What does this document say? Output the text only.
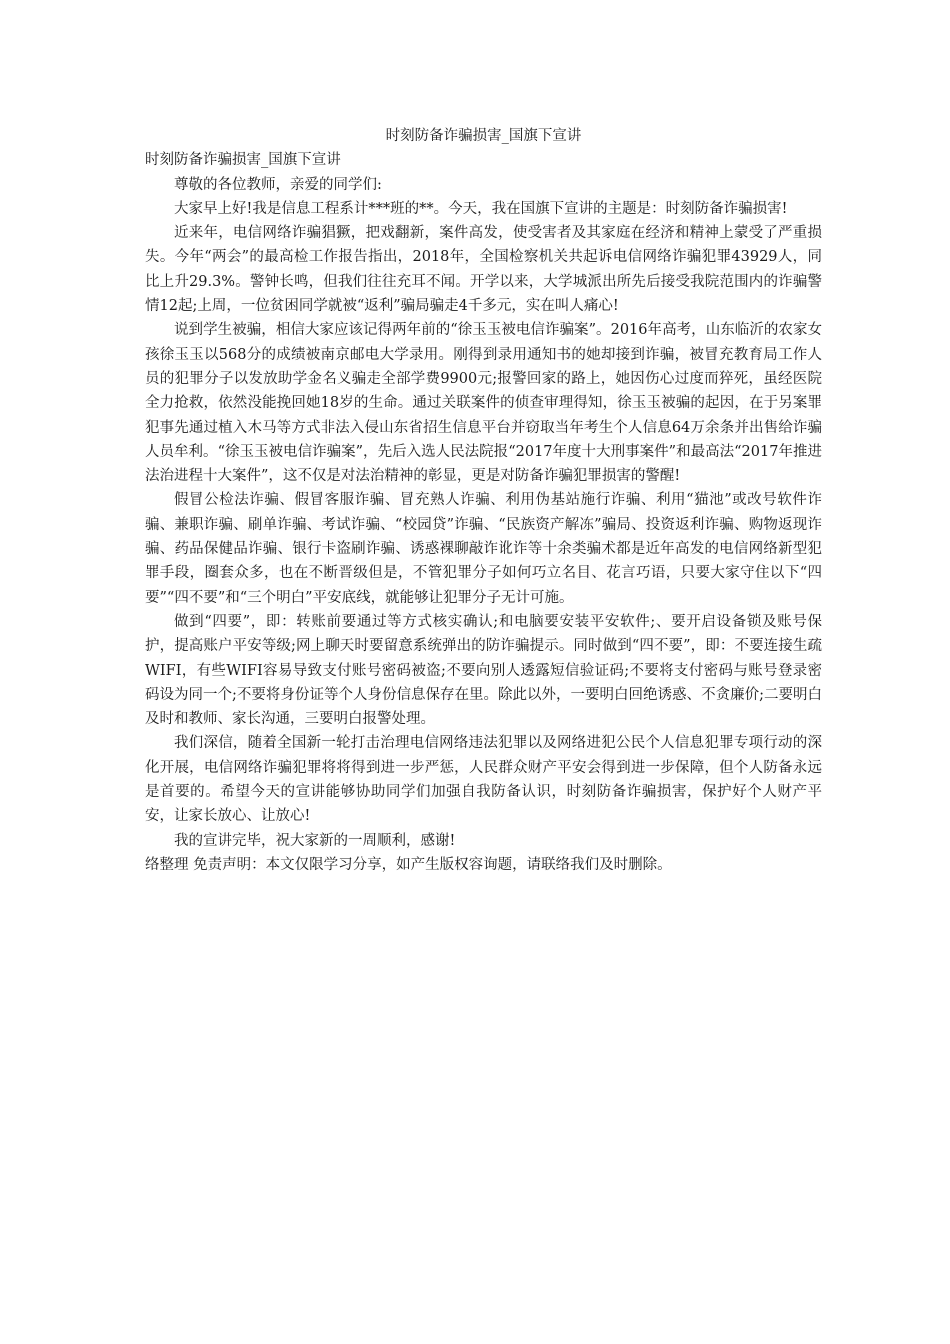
时刻防备诈骗损害_国旗下宣讲

时刻防备诈骗损害_国旗下宣讲

尊敬的各位教师，亲爱的同学们:

大家早上好!我是信息工程系计***班的**。今天，我在国旗下宣讲的主题是：时刻防备诈骗损害!

近来年，电信网络诈骗猖獗，把戏翻新，案件高发，使受害者及其家庭在经济和精神上蒙受了严重损失。今年“两会”的最高检工作报告指出，2018年，全国检察机关共起诉电信网络诈骗犯罪43929人，同比上升29.3%。警钟长鸣，但我们往往充耳不闻。开学以来，大学城派出所先后接受我院范围内的诈骗警情12起;上周，一位贫困同学就被“返利”骗局骗走4千多元，实在叫人痛心!

说到学生被骗，相信大家应该记得两年前的“徐玉玉被电信诈骗案”。2016年高考，山东临沂的农家女孩徐玉玉以568分的成绩被南京邮电大学录用。刚得到录用通知书的她却接到诈骗，被冒充教育局工作人员的犯罪分子以发放助学金名义骗走全部学费9900元;报警回家的路上，她因伤心过度而猝死，虽经医院全力抢救，依然没能挽回她18岁的生命。通过关联案件的侦查审理得知，徐玉玉被骗的起因，在于另案罪犯事先通过植入木马等方式非法入侵山东省招生信息平台并窃取当年考生个人信息64万余条并出售给诈骗人员牟利。“徐玉玉被电信诈骗案”，先后入选人民法院报“2017年度十大刑事案件”和最高法“2017年推进法治进程十大案件”，这不仅是对法治精神的彰显，更是对防备诈骗犯罪损害的警醒!

假冒公检法诈骗、假冒客服诈骗、冒充熟人诈骗、利用伪基站施行诈骗、利用“猫池”或改号软件诈骗、兼职诈骗、刷单诈骗、考试诈骗、“校园贷”诈骗、“民族资产解冻”骗局、投资返利诈骗、购物返现诈骗、药品保健品诈骗、银行卡盗刷诈骗、诱惑裸聊敲诈讹诈等十余类骗术都是近年高发的电信网络新型犯罪手段，圈套众多，也在不断晋级但是，不管犯罪分子如何巧立名目、花言巧语，只要大家守住以下“四要”“四不要”和“三个明白”平安底线，就能够让犯罪分子无计可施。

做到“四要”，即：转账前要通过等方式核实确认;和电脑要安装平安软件;、要开启设备锁及账号保护，提高账户平安等级;网上聊天时要留意系统弹出的防诈骗提示。同时做到“四不要”，即：不要连接生疏WIFI，有些WIFI容易导致支付账号密码被盗;不要向别人透露短信验证码;不要将支付密码与账号登录密码设为同一个;不要将身份证等个人身份信息保存在里。除此以外，一要明白回绝诱惑、不贪廉价;二要明白及时和教师、家长沟通，三要明白报警处理。

我们深信，随着全国新一轮打击治理电信网络违法犯罪以及网络进犯公民个人信息犯罪专项行动的深化开展，电信网络诈骗犯罪将将得到进一步严惩，人民群众财产平安会得到进一步保障，但个人防备永远是首要的。希望今天的宣讲能够协助同学们加强自我防备认识，时刻防备诈骗损害，保护好个人财产平安，让家长放心、让放心!

我的宣讲完毕，祝大家新的一周顺利，感谢!

络整理 免责声明：本文仅限学习分享，如产生版权容询题，请联络我们及时删除。
